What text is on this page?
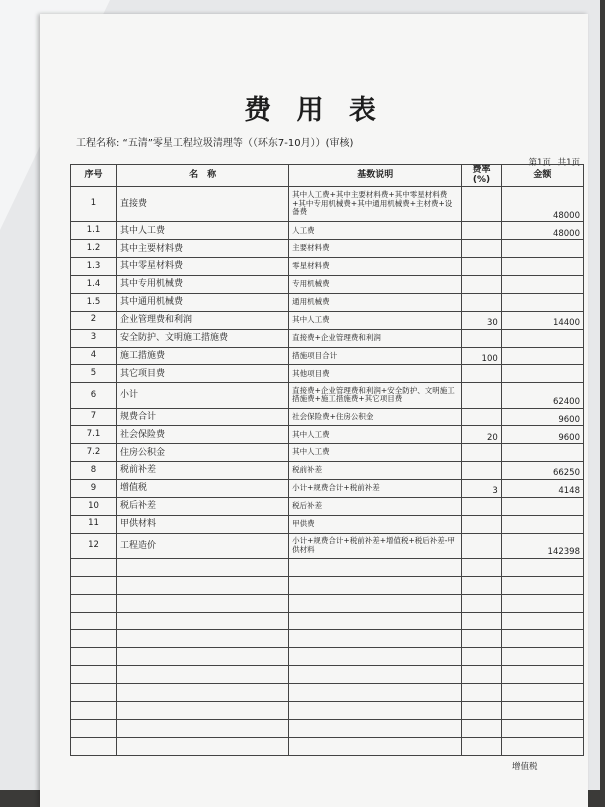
费 用 表
工程名称: “五清”零星工程垃圾清理等（（环东7-10月））(审核)
第1页 共1页
序号	名　称	基数说明	费率(%)	金额
1	直接费	其中人工费+其中主要材料费+其中零星材料费+其中专用机械费+其中通用机械费+主材费+设备费		48000
1.1	其中人工费	人工费		48000
1.2	其中主要材料费	主要材料费		
1.3	其中零星材料费	零星材料费		
1.4	其中专用机械费	专用机械费		
1.5	其中通用机械费	通用机械费		
2	企业管理费和利润	其中人工费	30	14400
3	安全防护、文明施工措施费	直接费+企业管理费和利润		
4	施工措施费	措施项目合计	100	
5	其它项目费	其他项目费		
6	小计	直接费+企业管理费和利润+安全防护、文明施工措施费+施工措施费+其它项目费		62400
7	规费合计	社会保险费+住房公积金		9600
7.1	社会保险费	其中人工费	20	9600
7.2	住房公积金	其中人工费		
8	税前补差	税前补差		66250
9	增值税	小计+规费合计+税前补差	3	4148
10	税后补差	税后补差		
11	甲供材料	甲供费		
12	工程造价	小计+规费合计+税前补差+增值税+税后补差-甲供材料		142398

增值税
